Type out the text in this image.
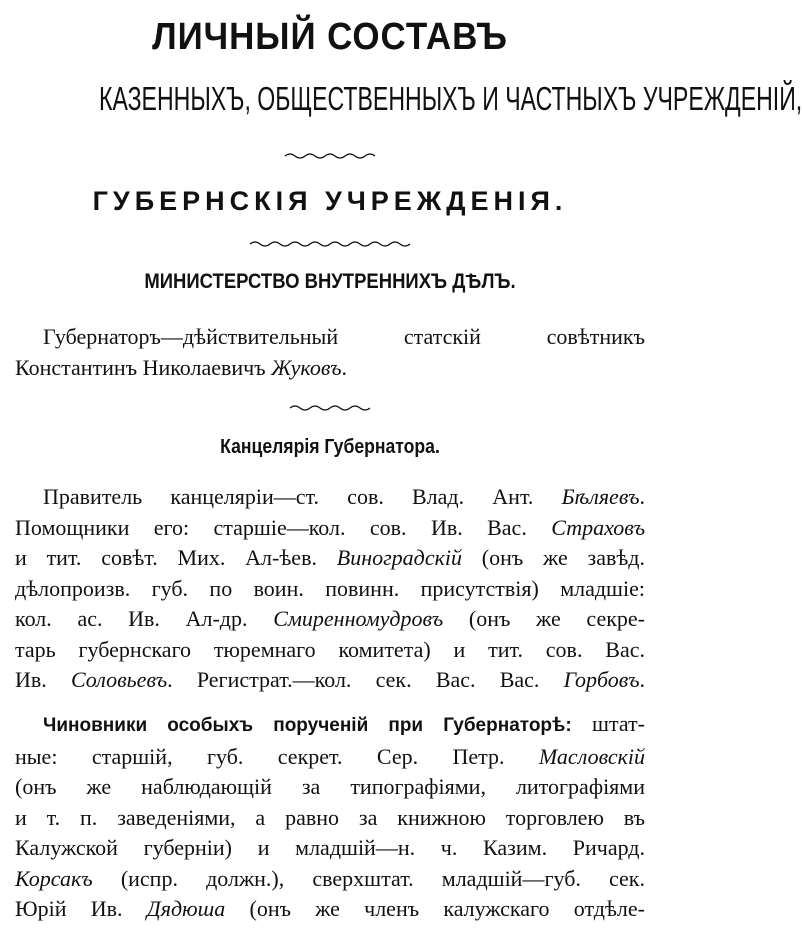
ЛИЧНЫЙ СОСТАВЪ
КАЗЕННЫХЪ, ОБЩЕСТВЕННЫХЪ И ЧАСТНЫХЪ УЧРЕЖДЕНІЙ,
ГУБЕРНСКІЯ УЧРЕЖДЕНІЯ.
МИНИСТЕРСТВО ВНУТРЕННИХЪ ДѢЛЪ.
Губернаторъ—дѣйствительный статскій совѣтникъ
Константинъ Николаевичъ Жуковъ.
Канцелярія Губернатора.
Правитель канцеляріи—ст. сов. Влад. Ант. Бѣляевъ.
Помощники его: старшіе—кол. сов. Ив. Вас. Страховъ
и тит. совѣт. Мих. Ал-ѣев. Виноградскій (онъ же завѣд.
дѣлопроизв. губ. по воин. повинн. присутствія) младшіе:
кол. ас. Ив. Ал-др. Смиренномудровъ (онъ же секре-
тарь губернскаго тюремнаго комитета) и тит. сов. Вас.
Ив. Соловьевъ. Регистрат.—кол. сек. Вас. Вас. Горбовъ.
Чиновники особыхъ порученій при Губернаторѣ: штат-
ные: старшій, губ. секрет. Сер. Петр. Масловскій
(онъ же наблюдающій за типографіями, литографіями
и т. п. заведеніями, а равно за книжною торговлею въ
Калужской губерніи) и младшій—н. ч. Казим. Ричард.
Корсакъ (испр. должн.), сверхштат. младшій—губ. сек.
Юрій Ив. Дядюша (онъ же членъ калужскаго отдѣле-
